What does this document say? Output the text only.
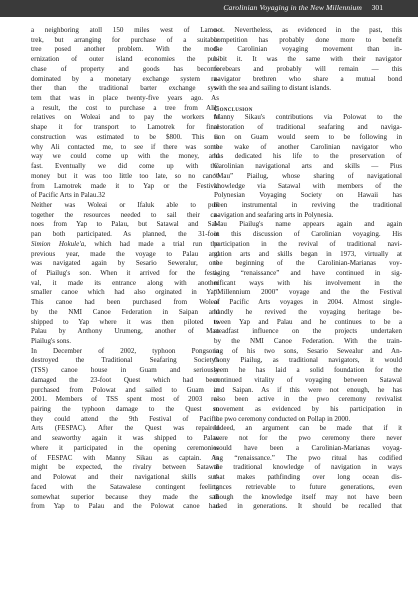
Carolinian Voyaging in the New Millennium 301
a neighboring atoll 150 miles west of Lamo-
trek, but arranging for purchase of a suitable
tree posed another problem. With the mod-
ernization of outer island economies the pur-
chase of property and goods has become
dominated by a monetary exchange system ra-
ther than the traditional barter exchange sys-
tem that was in place twenty-five years ago. As
a result, the cost to purchase a tree from Ali's
relatives on Woleai and to pay the workers to
shape it for transport to Lamotrek for final
construction was estimated to be $800. This is
why Ali contacted me, to see if there was some
way we could come up with the money, and
fast. Eventually we did come up with the
money but it was too little too late, so no canoe
from Lamotrek made it to Yap or the Festival
of Pacific Arts in Palau.32
Neither was Woleai or Ifaluk able to pull
together the resources needed to sail their ca-
noes from Yap to Palau, but Satawal and Sai-
pan both participated. As planned, the 31-foot
Simion Hokule'a, which had made a trial run the
previous year, made the voyage to Palau and
was navigated again by Sesario Seweralur, one
of Piailug's son. When it arrived for the festi-
val, it made its entrance along with another
smaller canoe which had also orginated in Yap.
This canoe had been purchased from Woleai
by the NMI Canoe Federation in Saipan and
shipped to Yap where it was then piloted to
Palau by Anthony Urumeng, another of Mau
Piailug's sons.
In December of 2002, typhoon Pongsona
destroyed the Traditional Seafaring Society's
(TSS) canoe house in Guam and seriously
damaged the 23-foot Quest which had been
purchased from Polowat and sailed to Guam in
2001. Members of TSS spent most of 2003 re-
pairing the typhoon damage to the Quest so
they could attend the 9th Festival of Pacific
Arts (FESPAC). After the Quest was repaired
and seaworthy again it was shipped to Palau
where it participated in the opening ceremonies
of FESPAC with Manny Sikau as captain. As
might be expected, the rivalry between Satawal
and Polowat and their navigational skills sur-
faced with the Satawalese contingent feeling
somewhat superior because they made the sail
from Yap to Palau and the Polowat canoe had
not. Nevertheless, as evidenced in the past, this
competition has probably done more to benefit
the Carolinian voyaging movement than in-
hibit it. It was the same with their navigator
forebears and probably will remain — this
navigator brethren who share a mutual bond
with the sea and sailing to distant islands.
Conclusion
Manny Sikau's contributions via Polowat to the
restoration of traditional seafaring and naviga-
tion on Guam would seem to be following in
the wake of another Carolinian navigator who
has dedicated his life to the preservation of
Carolinian navigational arts and skills — Pius
“Mau” Piailug, whose sharing of navigational
knowledge via Satawal with members of the
Polynesian Voyaging Society on Hawaii has
been instrumental in reviving the traditional
navigation and seafaring arts in Polynesia.
Mau Piailug's name appears again and again
in this discussion of Carolinian voyaging. His
participation in the revival of traditional navi-
gation arts and skills began in 1973, virtually at
the beginning of the Carolinian-Marianas voy-
aging “renaissance” and have continued in sig-
nificant ways with his involvement in the
“Millennium 2000” voyage and the the Festival
of Pacific Arts voyages in 2004. Almost single-
handly he revived the voyaging heritage be-
tween Yap and Palau and he continues to be a
steadfast influence on the projects undertaken
by the NMI Canoe Federation. With the train-
ing of his two sons, Sesario Sewealur and An-
thony Piailug, as traditional navigators, it would
seem he has laid a solid foundation for the
continued vitality of voyaging between Satawal
and Saipan. As if this were not enough, he has
also been active in the pwo ceremony revivalist
movement as evidenced by his participation in
the pwo ceremony conducted on Pollap in 2000.
Indeed, an argument can be made that if it
were not for the pwo ceremony there never
would have been a Carolinian-Marianas voyag-
ing “renaissance.” The pwo ritual has codified
the traditional knowledge of navigation in ways
that makes pathfinding over long ocean dis-
tances retrievable to future generations, even
though the knowledge itself may not have been
used in generations. It should be recalled that
